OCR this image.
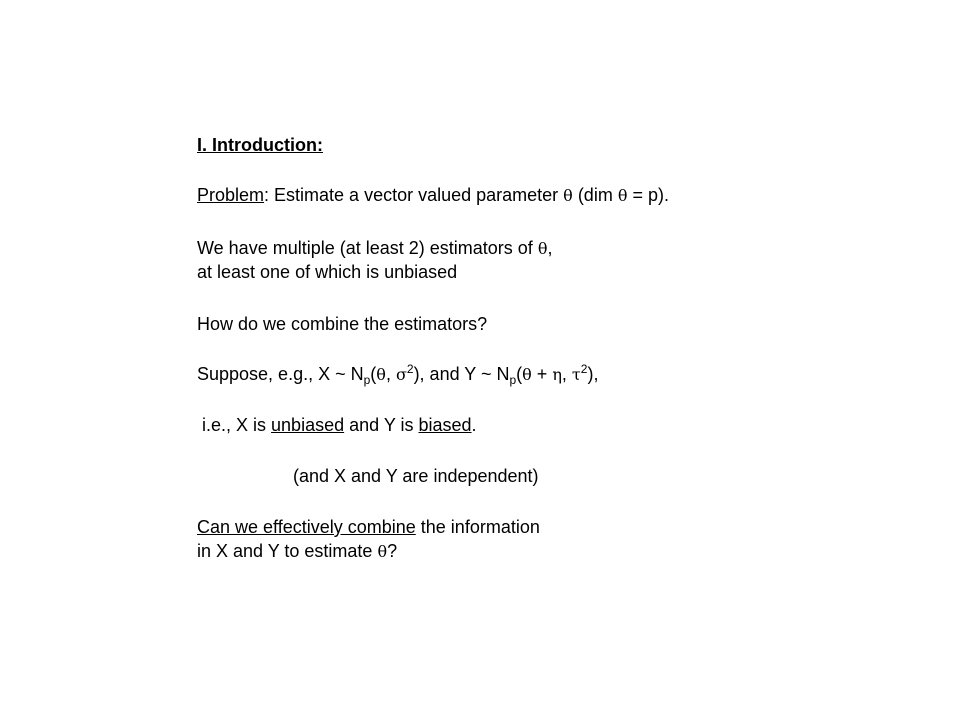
I. Introduction:
Problem: Estimate a vector valued parameter θ (dim θ = p).
We have multiple (at least 2) estimators of θ,
at least one of which is unbiased
How do we combine the estimators?
Suppose, e.g., X ~ $N_p(\theta$, $\sigma^2$), and Y ~ $N_p(\theta + \eta$, $\tau^2$),
i.e., X is unbiased and Y is biased.
(and X and Y are independent)
Can we effectively combine the information
in X and Y to estimate θ?
